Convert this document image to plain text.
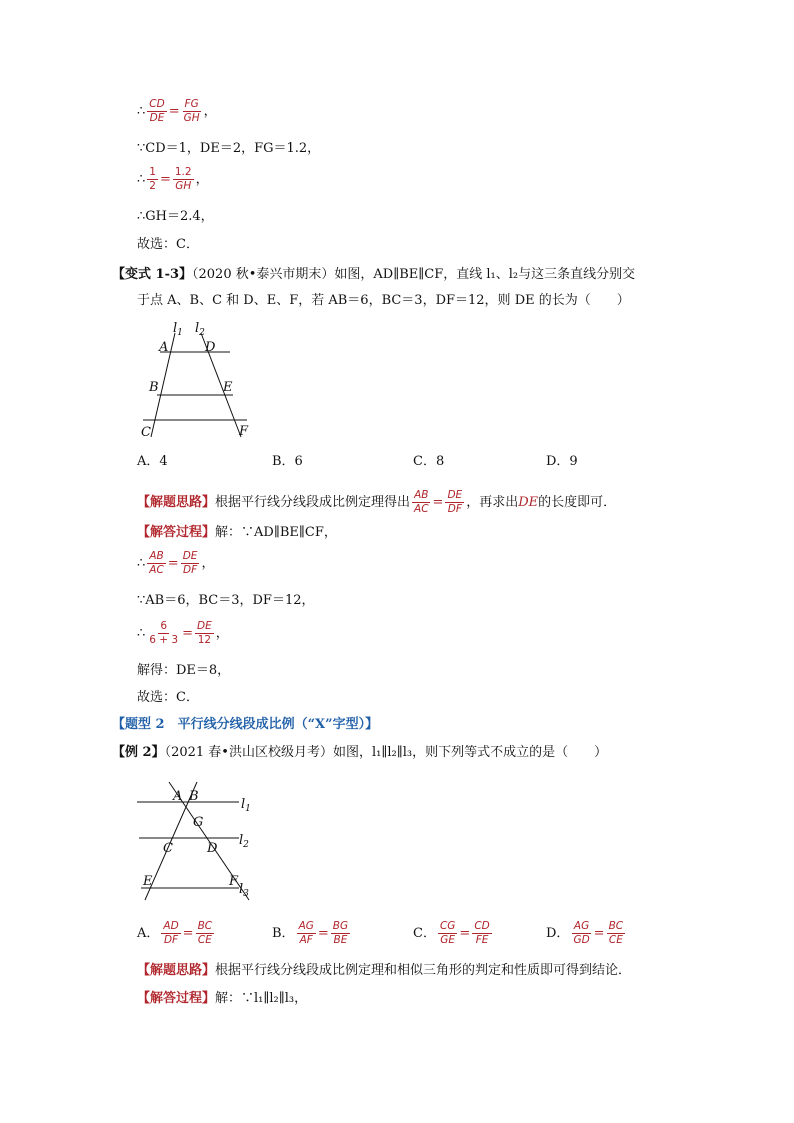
∴ $\frac{CD}{DE} = \frac{FG}{GH}$ ，
∵CD＝1，DE＝2，FG＝1.2，
∴ $\frac{1}{2} = \frac{1.2}{GH}$ ，
∴GH＝2.4，
故选：C．
【变式 1-3】（2020 秋•泰兴市期末）如图，AD∥BE∥CF，直线 l₁、l₂与这三条直线分别交
于点 A、B、C 和 D、E、F，若 AB＝6，BC＝3，DF＝12，则 DE 的长为（　　）
$l_1$ $l_2$
A	D
B	E
C	F
A．4	B．6	C．8	D．9
【解题思路】根据平行线分线段成比例定理得出 $\frac{AB}{AC} = \frac{DE}{DF}$ ，再求出DE的长度即可．
【解答过程】解：∵AD∥BE∥CF，
∴ $\frac{AB}{AC} = \frac{DE}{DF}$ ，
∵AB＝6，BC＝3，DF＝12，
∴ $\frac{6}{6 + 3} = \frac{DE}{12}$ ，
解得：DE＝8，
故选：C．
【题型 2　平行线分线段成比例（“X”字型）】
【例 2】（2021 春•洪山区校级月考）如图，l₁∥l₂∥l₃，则下列等式不成立的是（　　）
A B
G
C	D
E	F
$l_1$
$l_2$
$l_3$
A． $\frac{AD}{DF} = \frac{BC}{CE}$	B． $\frac{AG}{AF} = \frac{BG}{BE}$	C． $\frac{CG}{GE} = \frac{CD}{FE}$	D． $\frac{AG}{GD} = \frac{BC}{CE}$
【解题思路】根据平行线分线段成比例定理和相似三角形的判定和性质即可得到结论．
【解答过程】解：∵l₁∥l₂∥l₃，
